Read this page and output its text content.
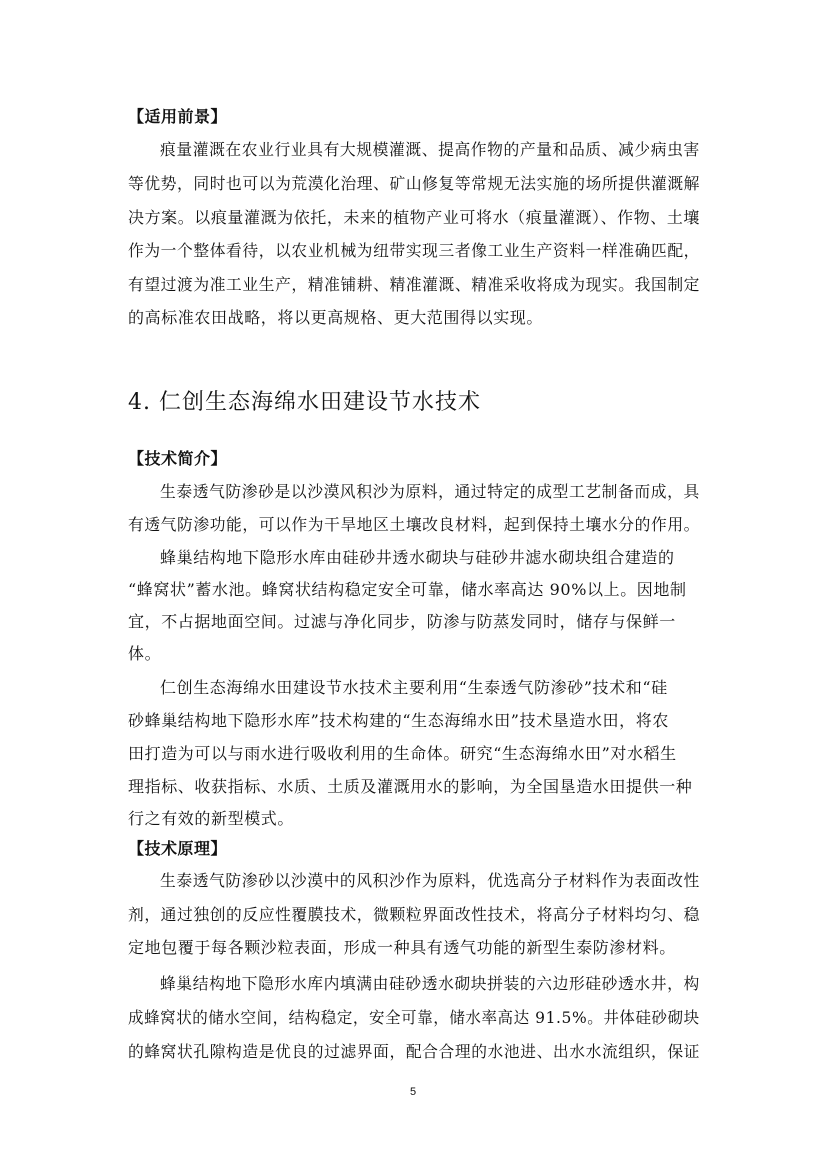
【适用前景】
痕量灌溉在农业行业具有大规模灌溉、提高作物的产量和品质、减少病虫害
等优势，同时也可以为荒漠化治理、矿山修复等常规无法实施的场所提供灌溉解
决方案。以痕量灌溉为依托，未来的植物产业可将水（痕量灌溉）、作物、土壤
作为一个整体看待，以农业机械为纽带实现三者像工业生产资料一样准确匹配，
有望过渡为准工业生产，精准铺耕、精准灌溉、精准采收将成为现实。我国制定
的高标准农田战略，将以更高规格、更大范围得以实现。
4. 仁创生态海绵水田建设节水技术
【技术简介】
生泰透气防渗砂是以沙漠风积沙为原料，通过特定的成型工艺制备而成，具
有透气防渗功能，可以作为干旱地区土壤改良材料，起到保持土壤水分的作用。
蜂巢结构地下隐形水库由硅砂井透水砌块与硅砂井滤水砌块组合建造的
“蜂窝状”蓄水池。蜂窝状结构稳定安全可靠，储水率高达 90%以上。因地制
宜，不占据地面空间。过滤与净化同步，防渗与防蒸发同时，储存与保鲜一
体。
仁创生态海绵水田建设节水技术主要利用“生泰透气防渗砂”技术和“硅
砂蜂巢结构地下隐形水库”技术构建的“生态海绵水田”技术垦造水田，将农
田打造为可以与雨水进行吸收利用的生命体。研究“生态海绵水田”对水稻生
理指标、收获指标、水质、土质及灌溉用水的影响，为全国垦造水田提供一种
行之有效的新型模式。
【技术原理】
生泰透气防渗砂以沙漠中的风积沙作为原料，优选高分子材料作为表面改性
剂，通过独创的反应性覆膜技术，微颗粒界面改性技术，将高分子材料均匀、稳
定地包覆于每各颗沙粒表面，形成一种具有透气功能的新型生泰防渗材料。
蜂巢结构地下隐形水库内填满由硅砂透水砌块拼装的六边形硅砂透水井，构
成蜂窝状的储水空间，结构稳定，安全可靠，储水率高达 91.5%。井体硅砂砌块
的蜂窝状孔隙构造是优良的过滤界面，配合合理的水池进、出水水流组织，保证
5
